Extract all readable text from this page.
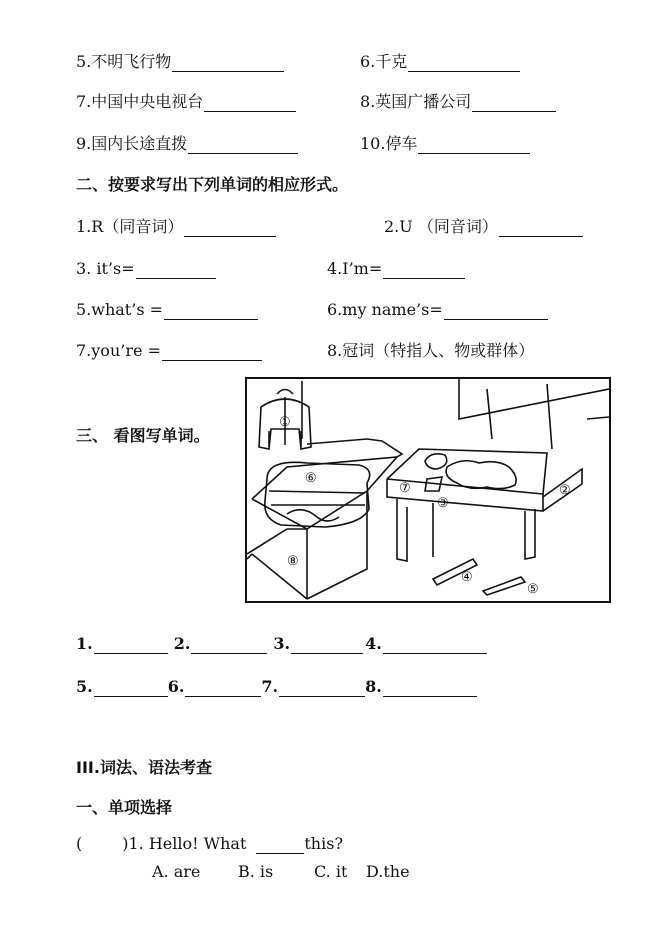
5. 不明飞行物	6. 千克
7. 中国中央电视台	8. 英国广播公司
9. 国内长途直拨	10. 停车
二、按要求写出下列单词的相应形式。
1.R（同音词）	2.U （同音词）
3. it’s=	4.I’m=
5.what’s =	6.my name’s=
7.you’re =	8.冠词（特指人、物或群体）
三、 看图写单词。
①
②
③
④
⑤
⑥
⑦
⑧
1.	2.	3.	4.
5.	6.	7.	8.
III.词法、语法考查
一、单项选择
(	) 1. Hello! What	this?
A. are B. is	C. it D.the
